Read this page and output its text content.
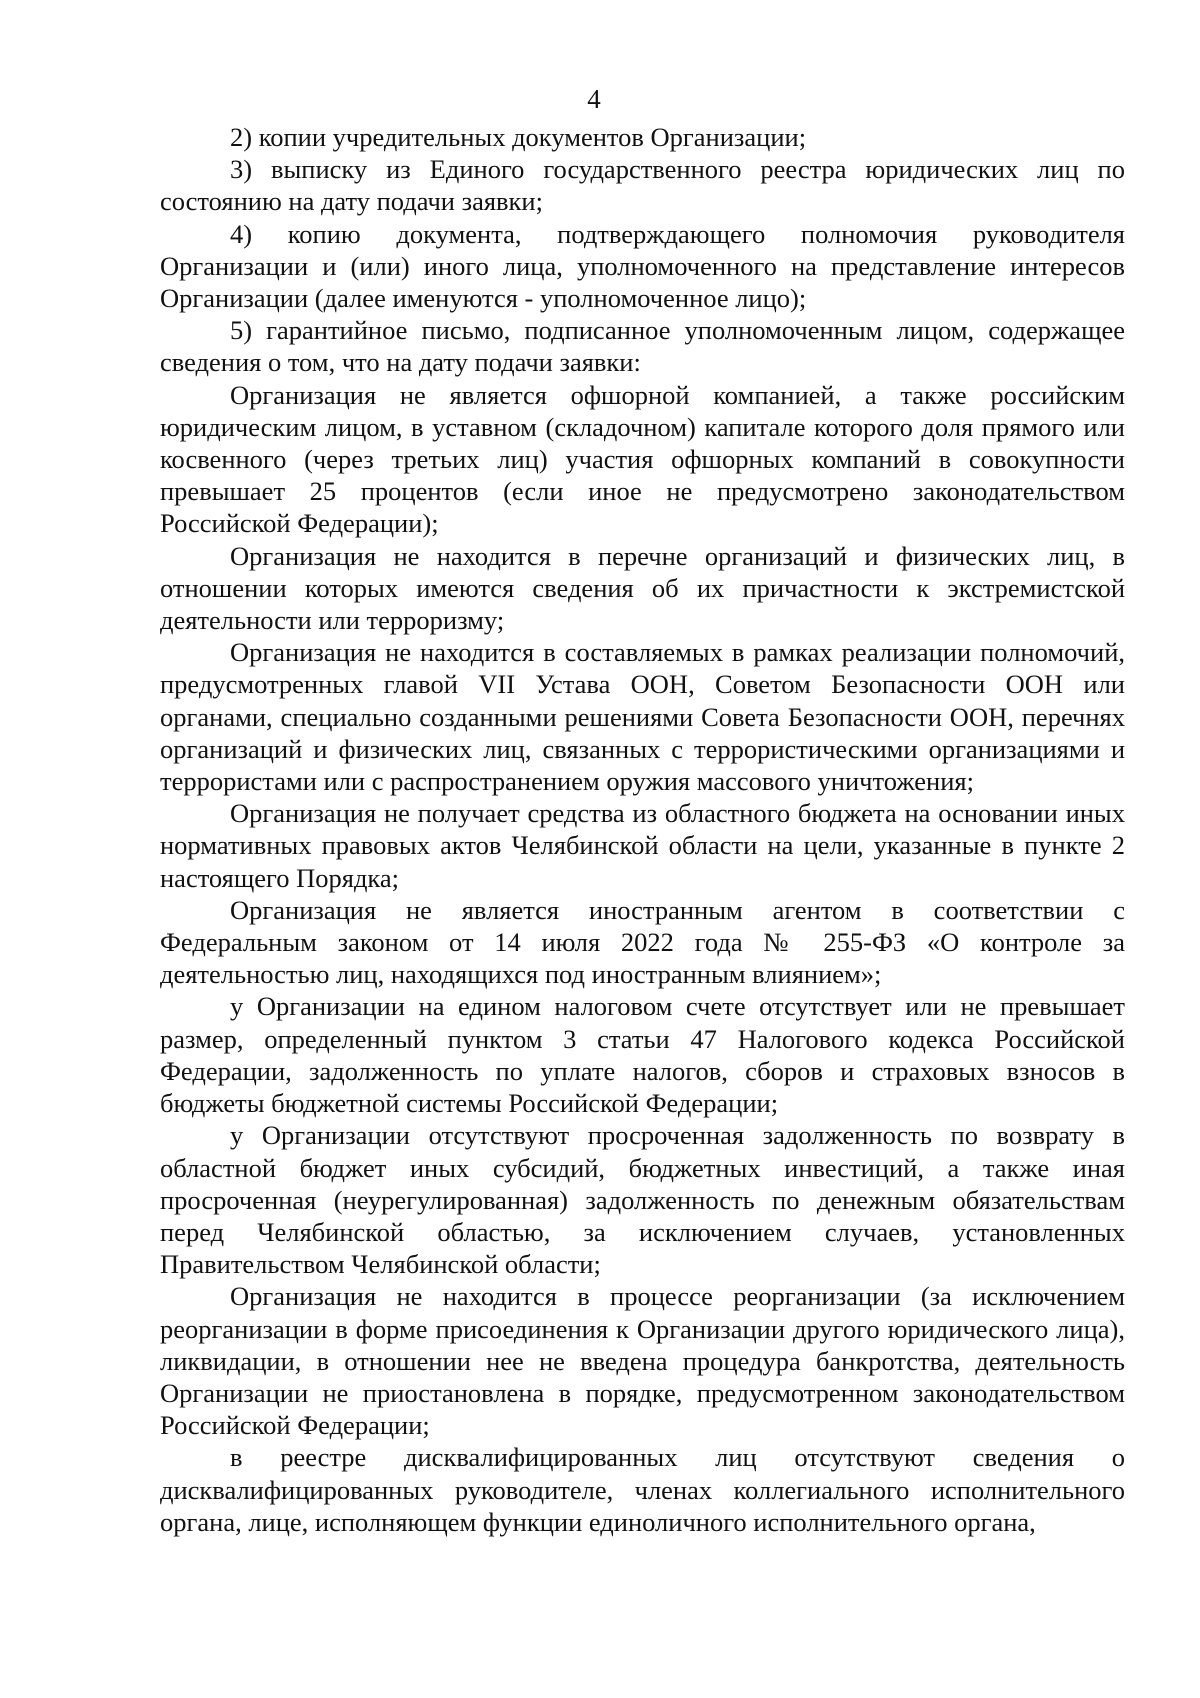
4

2) копии учредительных документов Организации;

3) выписку из Единого государственного реестра юридических лиц по состоянию на дату подачи заявки;

4) копию документа, подтверждающего полномочия руководителя Организации и (или) иного лица, уполномоченного на представление интересов Организации (далее именуются - уполномоченное лицо);

5) гарантийное письмо, подписанное уполномоченным лицом, содержащее сведения о том, что на дату подачи заявки:

Организация не является офшорной компанией, а также российским юридическим лицом, в уставном (складочном) капитале которого доля прямого или косвенного (через третьих лиц) участия офшорных компаний в совокупности превышает 25 процентов (если иное не предусмотрено законодательством Российской Федерации);

Организация не находится в перечне организаций и физических лиц, в отношении которых имеются сведения об их причастности к экстремистской деятельности или терроризму;

Организация не находится в составляемых в рамках реализации полномочий, предусмотренных главой VII Устава ООН, Советом Безопасности ООН или органами, специально созданными решениями Совета Безопасности ООН, перечнях организаций и физических лиц, связанных с террористическими организациями и террористами или с распространением оружия массового уничтожения;

Организация не получает средства из областного бюджета на основании иных нормативных правовых актов Челябинской области на цели, указанные в пункте 2 настоящего Порядка;

Организация не является иностранным агентом в соответствии с Федеральным законом от 14 июля 2022 года № 255-ФЗ «О контроле за деятельностью лиц, находящихся под иностранным влиянием»;

у Организации на едином налоговом счете отсутствует или не превышает размер, определенный пунктом 3 статьи 47 Налогового кодекса Российской Федерации, задолженность по уплате налогов, сборов и страховых взносов в бюджеты бюджетной системы Российской Федерации;

у Организации отсутствуют просроченная задолженность по возврату в областной бюджет иных субсидий, бюджетных инвестиций, а также иная просроченная (неурегулированная) задолженность по денежным обязательствам перед Челябинской областью, за исключением случаев, установленных Правительством Челябинской области;

Организация не находится в процессе реорганизации (за исключением реорганизации в форме присоединения к Организации другого юридического лица), ликвидации, в отношении нее не введена процедура банкротства, деятельность Организации не приостановлена в порядке, предусмотренном законодательством Российской Федерации;

в реестре дисквалифицированных лиц отсутствуют сведения о дисквалифицированных руководителе, членах коллегиального исполнительного органа, лице, исполняющем функции единоличного исполнительного органа,
